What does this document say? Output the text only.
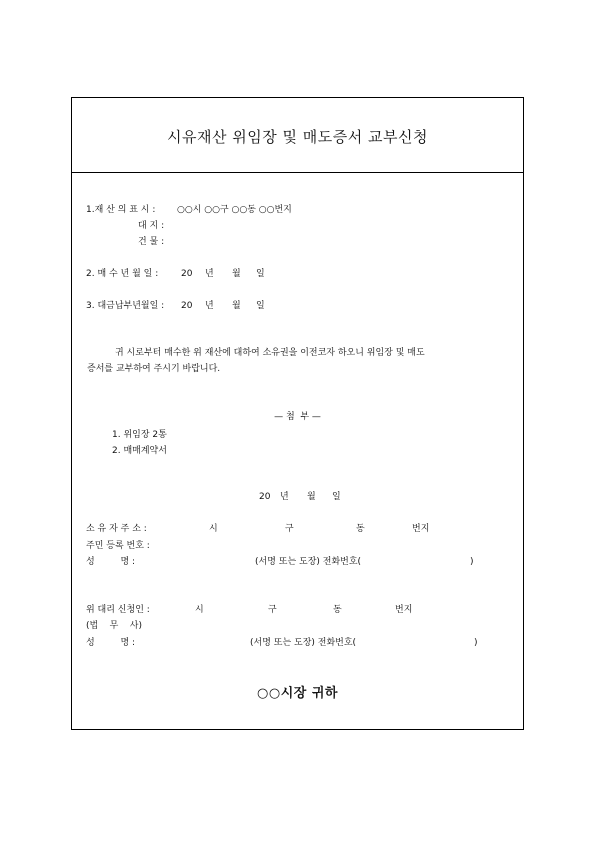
시유재산 위임장 및 매도증서 교부신청
1.재 산 의 표 시 : ○○시 ○○구 ○○동 ○○번지
대 지 :
건 물 :
2. 매 수 년 월 일 :	20 년 월 일
3. 대금납부년월일 : 20 년 월 일
귀 시로부터 매수한 위 재산에 대하여 소유권을 이전코자 하오니 위임장 및 매도
증서를 교부하여 주시기 바랍니다.
— 첨  부 —
1. 위임장 2통
2. 매매계약서
20 년 월 일
소 유 자 주 소 :	시	구	동	번지
주민 등록 번호 :
성         명 :	(서명 또는 도장) 전화번호(	)
위 대리 신청인 :	시	구	동	번지
(법    무    사)
성         명 :	(서명 또는 도장) 전화번호(	)
○○시장 귀하
